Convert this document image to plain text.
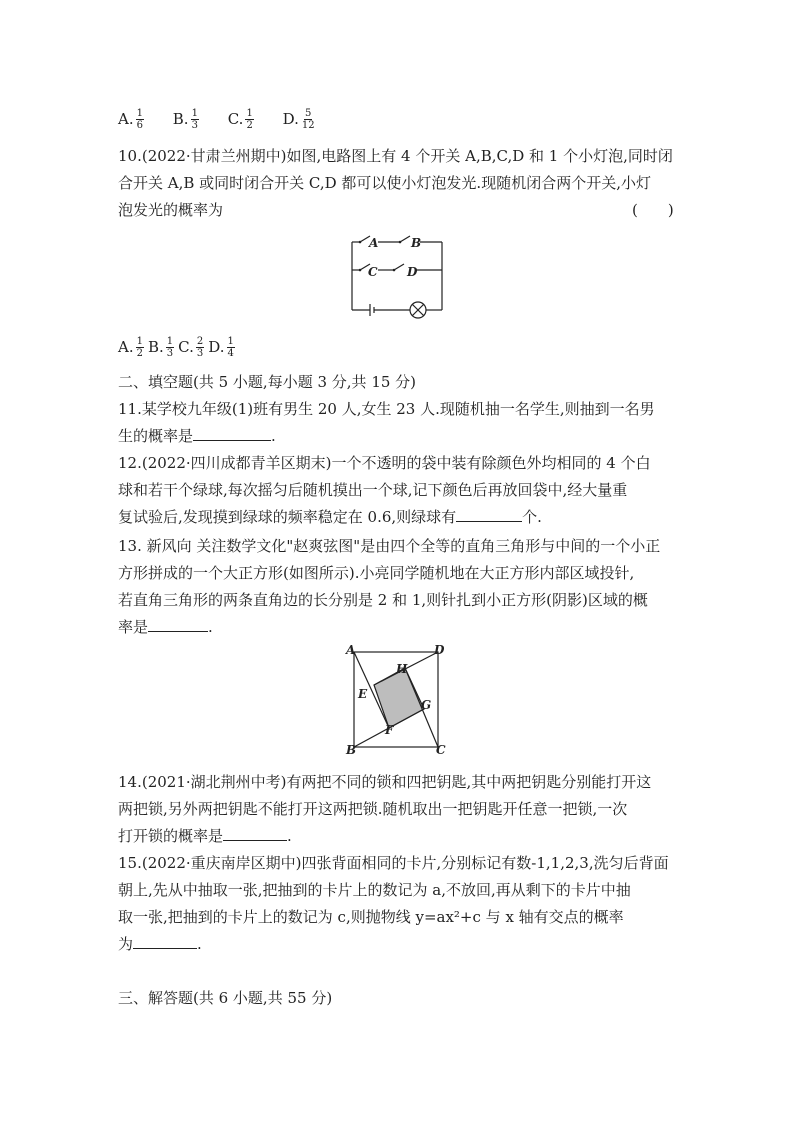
A. $\frac{1}{6} B$. $\frac{1}{3} C$. $\frac{1}{2} D$. $\frac{5}{12}$
10.(2022·甘肃兰州期中)如图,电路图上有 4 个开关 A,B,C,D 和 1 个小灯泡,同时闭
合开关 A,B 或同时闭合开关 C,D 都可以使小灯泡发光.现随机闭合两个开关,小灯
泡发光的概率为	(　　)
A	B
C D
A. $\frac{1}{2} B$. $\frac{1}{3} C$. $\frac{2}{3} D$. $\frac{1}{4}$
二、填空题(共 5 小题,每小题 3 分,共 15 分)
11.某学校九年级(1)班有男生 20 人,女生 23 人.现随机抽一名学生,则抽到一名男
生的概率是	.
12.(2022·四川成都青羊区期末)一个不透明的袋中装有除颜色外均相同的 4 个白
球和若干个绿球,每次摇匀后随机摸出一个球,记下颜色后再放回袋中,经大量重
复试验后,发现摸到绿球的频率稳定在 0.6,则绿球有	个.
13. 新风向 关注数学文化"赵爽弦图"是由四个全等的直角三角形与中间的一个小正
方形拼成的一个大正方形(如图所示).小亮同学随机地在大正方形内部区域投针,
若直角三角形的两条直角边的长分别是 2 和 1,则针扎到小正方形(阴影)区域的概
率是	.
A	D
H
E
G
F
B	C
14.(2021·湖北荆州中考)有两把不同的锁和四把钥匙,其中两把钥匙分别能打开这
两把锁,另外两把钥匙不能打开这两把锁.随机取出一把钥匙开任意一把锁,一次
打开锁的概率是	.
15.(2022·重庆南岸区期中)四张背面相同的卡片,分别标记有数-1,1,2,3,洗匀后背面
朝上,先从中抽取一张,把抽到的卡片上的数记为 a,不放回,再从剩下的卡片中抽
取一张,把抽到的卡片上的数记为 c,则抛物线 y=ax²+c 与 x 轴有交点的概率
为	.
三、解答题(共 6 小题,共 55 分)
